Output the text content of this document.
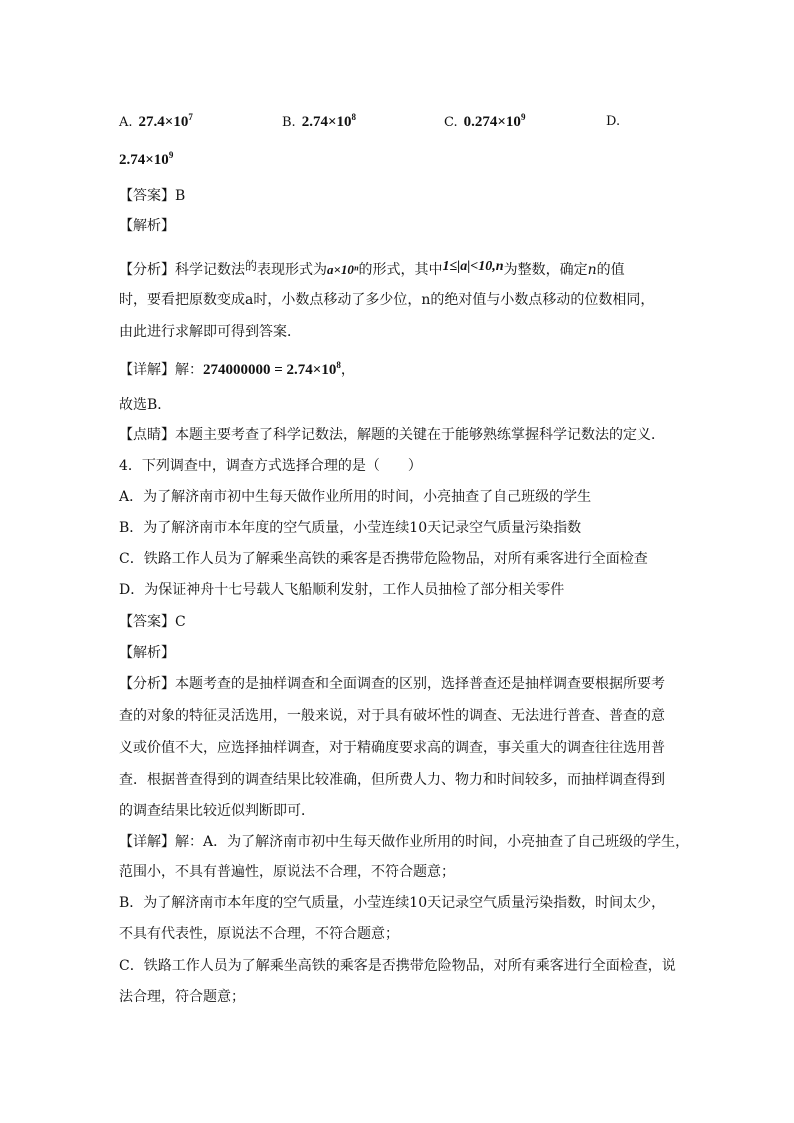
A. $27.4\times 10^7$	B. $2.74\times 10^8$	C. $0.274\times 10^9$	D.
$2.74\times 10^9$
【答案】B
【解析】
【分析】科学记数法的表现形式为a×10ⁿ的形式，其中1≤|a|<10,n为整数，确定n的值
时，要看把原数变成a时，小数点移动了多少位，n的绝对值与小数点移动的位数相同，
由此进行求解即可得到答案．
【详解】解：$274000000 = 2.74\times 10^8$，
故选B．
【点睛】本题主要考查了科学记数法，解题的关键在于能够熟练掌握科学记数法的定义．
4．下列调查中，调查方式选择合理的是（　　）
A．为了解济南市初中生每天做作业所用的时间，小亮抽查了自己班级的学生
B．为了解济南市本年度的空气质量，小莹连续10天记录空气质量污染指数
C．铁路工作人员为了解乘坐高铁的乘客是否携带危险物品，对所有乘客进行全面检查
D．为保证神舟十七号载人飞船顺利发射，工作人员抽检了部分相关零件
【答案】C
【解析】
【分析】本题考查的是抽样调查和全面调查的区别，选择普查还是抽样调查要根据所要考
查的对象的特征灵活选用，一般来说，对于具有破坏性的调查、无法进行普查、普查的意
义或价值不大，应选择抽样调查，对于精确度要求高的调查，事关重大的调查往往选用普
查．根据普查得到的调查结果比较准确，但所费人力、物力和时间较多，而抽样调查得到
的调查结果比较近似判断即可．
【详解】解：A．为了解济南市初中生每天做作业所用的时间，小亮抽查了自己班级的学生，
范围小，不具有普遍性，原说法不合理，不符合题意；
B．为了解济南市本年度的空气质量，小莹连续10天记录空气质量污染指数，时间太少，
不具有代表性，原说法不合理，不符合题意；
C．铁路工作人员为了解乘坐高铁的乘客是否携带危险物品，对所有乘客进行全面检查，说
法合理，符合题意；
